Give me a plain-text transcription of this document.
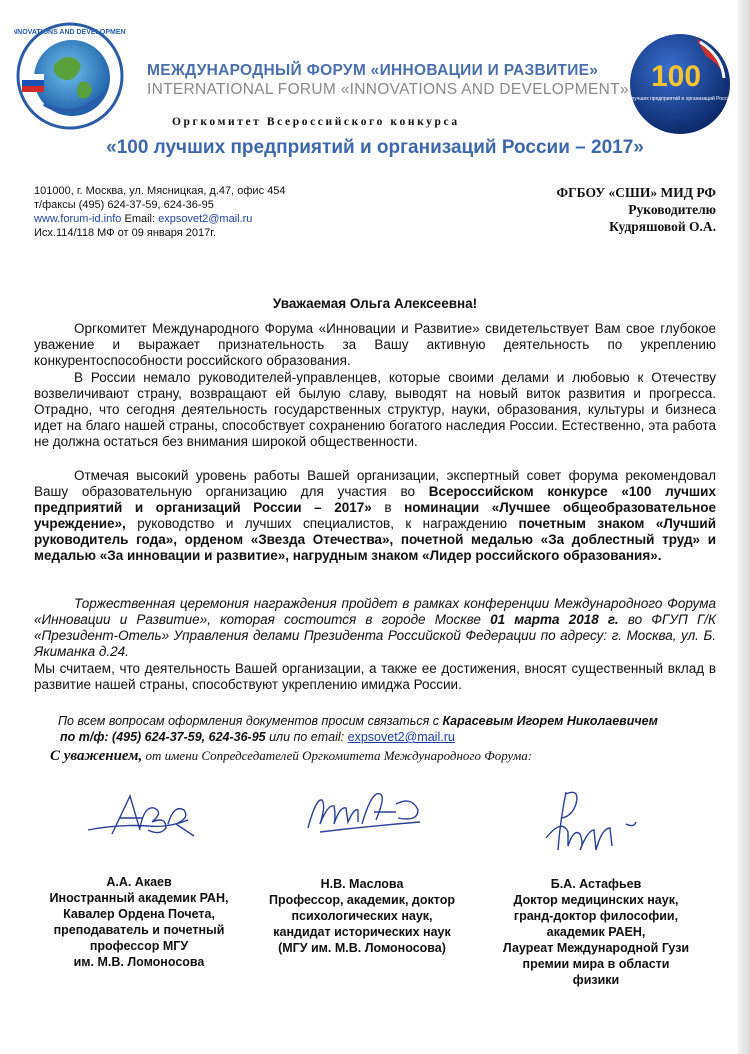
INNOVATIONS AND DEVELOPMENT
100
лучших предприятий и организаций России
МЕЖДУНАРОДНЫЙ ФОРУМ «ИННОВАЦИИ И РАЗВИТИЕ»
INTERNATIONAL FORUM «INNOVATIONS AND DEVELOPMENT»
Оргкомитет Всероссийского конкурса
«100 лучших предприятий и организаций России – 2017»
101000, г. Москва, ул. Мясницкая, д.47, офис 454
т/факсы (495) 624-37-59, 624-36-95
www.forum-id.info Email: expsovet2@mail.ru
Исх.114/118 МФ от 09 января 2017г.
ФГБОУ «СШИ» МИД РФ
Руководителю
Кудряшовой О.А.
Уважаемая Ольга Алексеевна!
Оргкомитет Международного Форума «Инновации и Развитие» свидетельствует Вам свое глубокое уважение и выражает признательность за Вашу активную деятельность по укреплению конкурентоспособности российского образования.
В России немало руководителей-управленцев, которые своими делами и любовью к Отечеству возвеличивают страну, возвращают ей былую славу, выводят на новый виток развития и прогресса. Отрадно, что сегодня деятельность государственных структур, науки, образования, культуры и бизнеса идет на благо нашей страны, способствует сохранению богатого наследия России. Естественно, эта работа не должна остаться без внимания широкой общественности.
Отмечая высокий уровень работы Вашей организации, экспертный совет форума рекомендовал Вашу образовательную организацию для участия во Всероссийском конкурсе «100 лучших предприятий и организаций России – 2017» в номинации «Лучшее общеобразовательное учреждение», руководство и лучших специалистов, к награждению почетным знаком «Лучший руководитель года», орденом «Звезда Отечества», почетной медалью «За доблестный труд» и медалью «За инновации и развитие», нагрудным знаком «Лидер российского образования».
Торжественная церемония награждения пройдет в рамках конференции Международного Форума «Инновации и Развитие», которая состоится в городе Москве 01 марта 2018 г. во ФГУП Г/К «Президент-Отель» Управления делами Президента Российской Федерации по адресу: г. Москва, ул. Б. Якиманка д.24.
Мы считаем, что деятельность Вашей организации, а также ее достижения, вносят существенный вклад в развитие нашей страны, способствуют укреплению имиджа России.
По всем вопросам оформления документов просим связаться с Карасевым Игорем Николаевичем
по т/ф: (495) 624-37-59, 624-36-95 или по email: expsovet2@mail.ru
С уважением, от имени Сопредседателей Оргкомитета Международного Форума:
А.А. Акаев
Иностранный академик РАН,
Кавалер Ордена Почета,
преподаватель и почетный
профессор МГУ
им. М.В. Ломоносова
Н.В. Маслова
Профессор, академик, доктор
психологических наук,
кандидат исторических наук
(МГУ им. М.В. Ломоносова)
Б.А. Астафьев
Доктор медицинских наук,
гранд-доктор философии,
академик РАЕН,
Лауреат Международной Гузи
премии мира в области
физики
